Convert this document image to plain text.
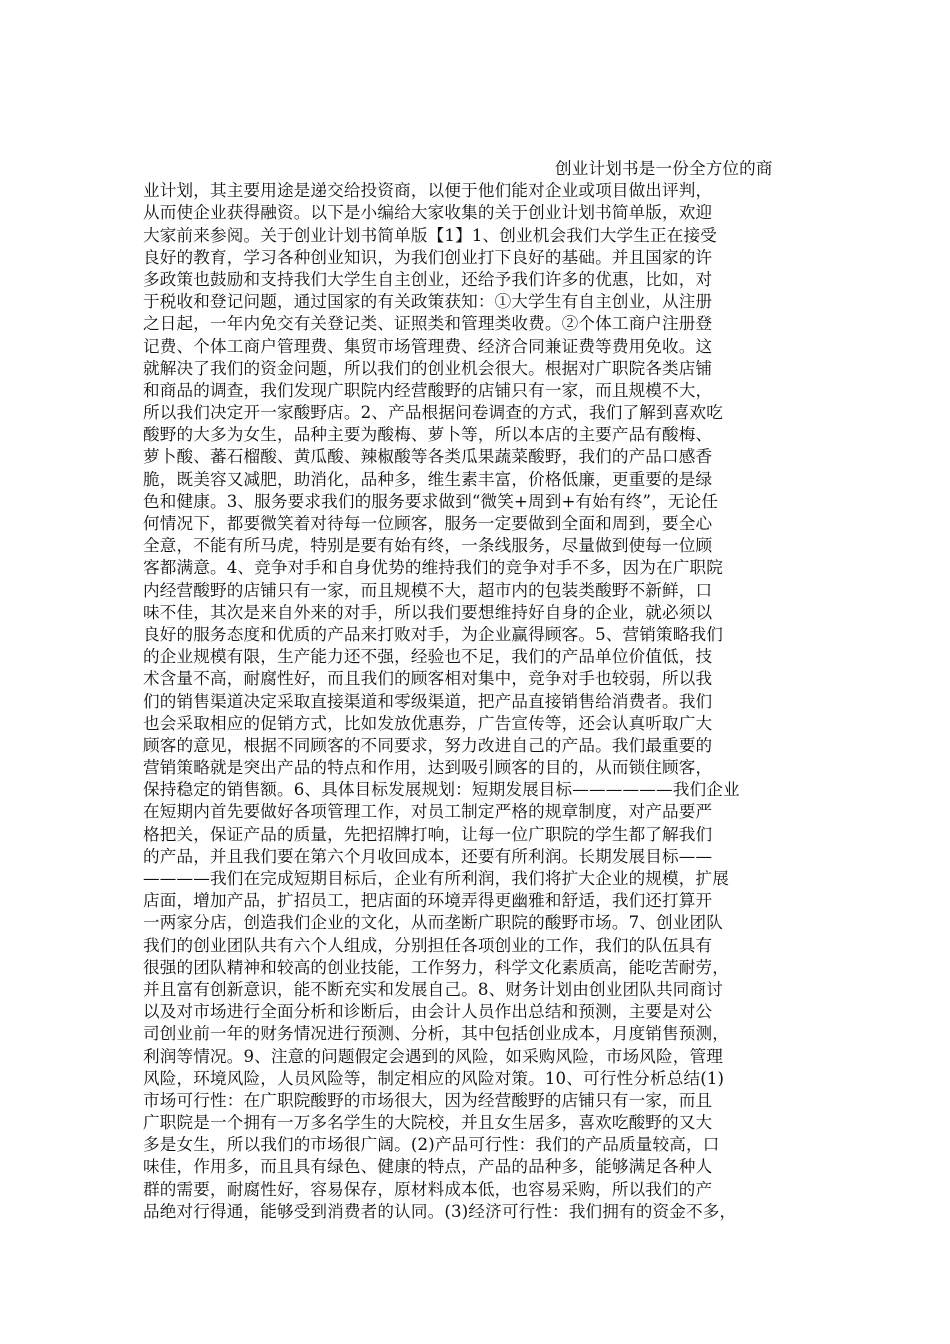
创业计划书是一份全方位的商
业计划，其主要用途是递交给投资商，以便于他们能对企业或项目做出评判，
从而使企业获得融资。以下是小编给大家收集的关于创业计划书简单版，欢迎
大家前来参阅。关于创业计划书简单版【1】1、创业机会我们大学生正在接受
良好的教育，学习各种创业知识，为我们创业打下良好的基础。并且国家的许
多政策也鼓励和支持我们大学生自主创业，还给予我们许多的优惠，比如，对
于税收和登记问题，通过国家的有关政策获知：①大学生有自主创业，从注册
之日起，一年内免交有关登记类、证照类和管理类收费。②个体工商户注册登
记费、个体工商户管理费、集贸市场管理费、经济合同兼证费等费用免收。这
就解决了我们的资金问题，所以我们的创业机会很大。根据对广职院各类店铺
和商品的调查，我们发现广职院内经营酸野的店铺只有一家，而且规模不大，
所以我们决定开一家酸野店。2、产品根据问卷调查的方式，我们了解到喜欢吃
酸野的大多为女生，品种主要为酸梅、萝卜等，所以本店的主要产品有酸梅、
萝卜酸、蕃石榴酸、黄瓜酸、辣椒酸等各类瓜果蔬菜酸野，我们的产品口感香
脆，既美容又减肥，助消化，品种多，维生素丰富，价格低廉，更重要的是绿
色和健康。3、服务要求我们的服务要求做到“微笑+周到+有始有终”，无论任
何情况下，都要微笑着对待每一位顾客，服务一定要做到全面和周到，要全心
全意，不能有所马虎，特别是要有始有终，一条线服务，尽量做到使每一位顾
客都满意。4、竞争对手和自身优势的维持我们的竞争对手不多，因为在广职院
内经营酸野的店铺只有一家，而且规模不大，超市内的包装类酸野不新鲜，口
味不佳，其次是来自外来的对手，所以我们要想维持好自身的企业，就必须以
良好的服务态度和优质的产品来打败对手，为企业赢得顾客。5、营销策略我们
的企业规模有限，生产能力还不强，经验也不足，我们的产品单位价值低，技
术含量不高，耐腐性好，而且我们的顾客相对集中，竞争对手也较弱，所以我
们的销售渠道决定采取直接渠道和零级渠道，把产品直接销售给消费者。我们
也会采取相应的促销方式，比如发放优惠券，广告宣传等，还会认真听取广大
顾客的意见，根据不同顾客的不同要求，努力改进自己的产品。我们最重要的
营销策略就是突出产品的特点和作用，达到吸引顾客的目的，从而锁住顾客，
保持稳定的销售额。6、具体目标发展规划：短期发展目标——————我们企业
在短期内首先要做好各项管理工作，对员工制定严格的规章制度，对产品要严
格把关，保证产品的质量，先把招牌打响，让每一位广职院的学生都了解我们
的产品，并且我们要在第六个月收回成本，还要有所利润。长期发展目标——
————我们在完成短期目标后，企业有所利润，我们将扩大企业的规模，扩展
店面，增加产品，扩招员工，把店面的环境弄得更幽雅和舒适，我们还打算开
一两家分店，创造我们企业的文化，从而垄断广职院的酸野市场。7、创业团队
我们的创业团队共有六个人组成，分别担任各项创业的工作，我们的队伍具有
很强的团队精神和较高的创业技能，工作努力，科学文化素质高，能吃苦耐劳，
并且富有创新意识，能不断充实和发展自己。8、财务计划由创业团队共同商讨
以及对市场进行全面分析和诊断后，由会计人员作出总结和预测，主要是对公
司创业前一年的财务情况进行预测、分析，其中包括创业成本，月度销售预测，
利润等情况。9、注意的问题假定会遇到的风险，如采购风险，市场风险，管理
风险，环境风险，人员风险等，制定相应的风险对策。10、可行性分析总结(1)
市场可行性：在广职院酸野的市场很大，因为经营酸野的店铺只有一家，而且
广职院是一个拥有一万多名学生的大院校，并且女生居多，喜欢吃酸野的又大
多是女生，所以我们的市场很广阔。(2)产品可行性：我们的产品质量较高，口
味佳，作用多，而且具有绿色、健康的特点，产品的品种多，能够满足各种人
群的需要，耐腐性好，容易保存，原材料成本低，也容易采购，所以我们的产
品绝对行得通，能够受到消费者的认同。(3)经济可行性：我们拥有的资金不多，
